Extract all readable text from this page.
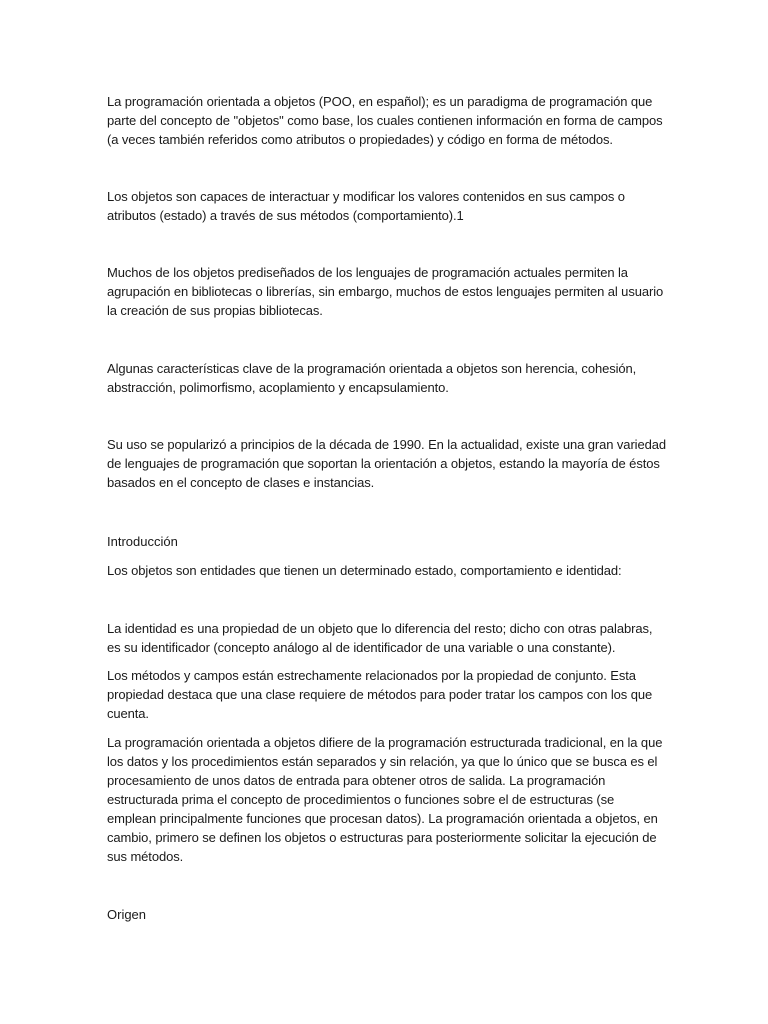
La programación orientada a objetos (POO, en español); es un paradigma de programación que
parte del concepto de "objetos" como base, los cuales contienen información en forma de campos
(a veces también referidos como atributos o propiedades) y código en forma de métodos.

Los objetos son capaces de interactuar y modificar los valores contenidos en sus campos o
atributos (estado) a través de sus métodos (comportamiento).1

Muchos de los objetos prediseñados de los lenguajes de programación actuales permiten la
agrupación en bibliotecas o librerías, sin embargo, muchos de estos lenguajes permiten al usuario
la creación de sus propias bibliotecas.

Algunas características clave de la programación orientada a objetos son herencia, cohesión,
abstracción, polimorfismo, acoplamiento y encapsulamiento.

Su uso se popularizó a principios de la década de 1990. En la actualidad, existe una gran variedad
de lenguajes de programación que soportan la orientación a objetos, estando la mayoría de éstos
basados en el concepto de clases e instancias.

Introducción

Los objetos son entidades que tienen un determinado estado, comportamiento e identidad:

La identidad es una propiedad de un objeto que lo diferencia del resto; dicho con otras palabras,
es su identificador (concepto análogo al de identificador de una variable o una constante).

Los métodos y campos están estrechamente relacionados por la propiedad de conjunto. Esta
propiedad destaca que una clase requiere de métodos para poder tratar los campos con los que
cuenta.

La programación orientada a objetos difiere de la programación estructurada tradicional, en la que
los datos y los procedimientos están separados y sin relación, ya que lo único que se busca es el
procesamiento de unos datos de entrada para obtener otros de salida. La programación
estructurada prima el concepto de procedimientos o funciones sobre el de estructuras (se
emplean principalmente funciones que procesan datos). La programación orientada a objetos, en
cambio, primero se definen los objetos o estructuras para posteriormente solicitar la ejecución de
sus métodos.

Origen
